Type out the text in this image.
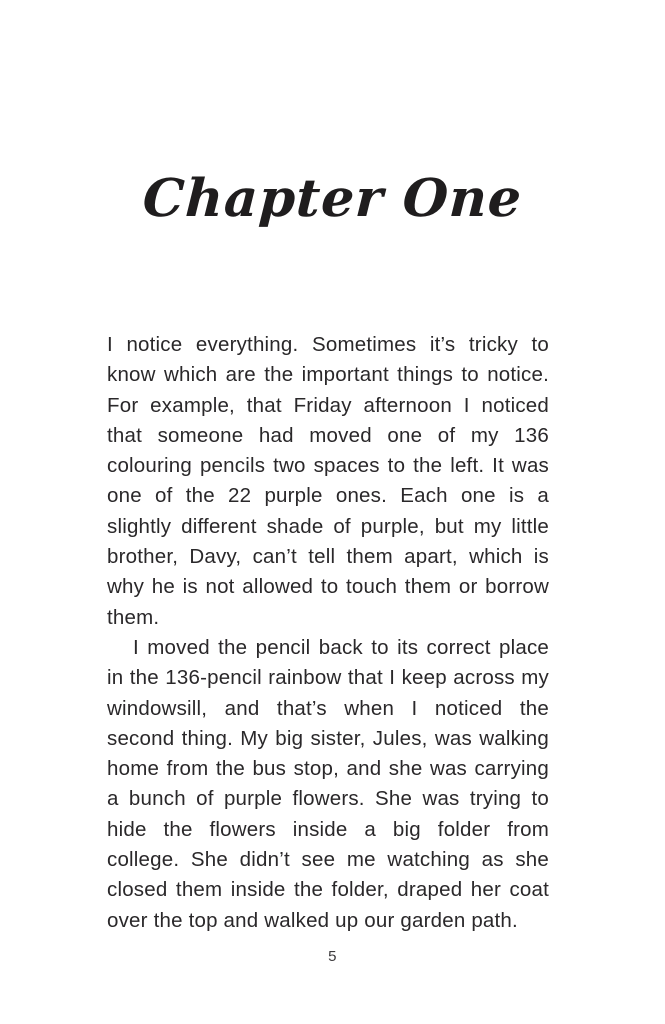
Chapter One

I notice everything. Sometimes it’s tricky to know which are the important things to notice. For example, that Friday afternoon I noticed that someone had moved one of my 136 colouring pencils two spaces to the left. It was one of the 22 purple ones. Each one is a slightly different shade of purple, but my little brother, Davy, can’t tell them apart, which is why he is not allowed to touch them or borrow them.

I moved the pencil back to its correct place in the 136-pencil rainbow that I keep across my windowsill, and that’s when I noticed the second thing. My big sister, Jules, was walking home from the bus stop, and she was carrying a bunch of purple flowers. She was trying to hide the flowers inside a big folder from college. She didn’t see me watching as she closed them inside the folder, draped her coat over the top and walked up our garden path.

5
